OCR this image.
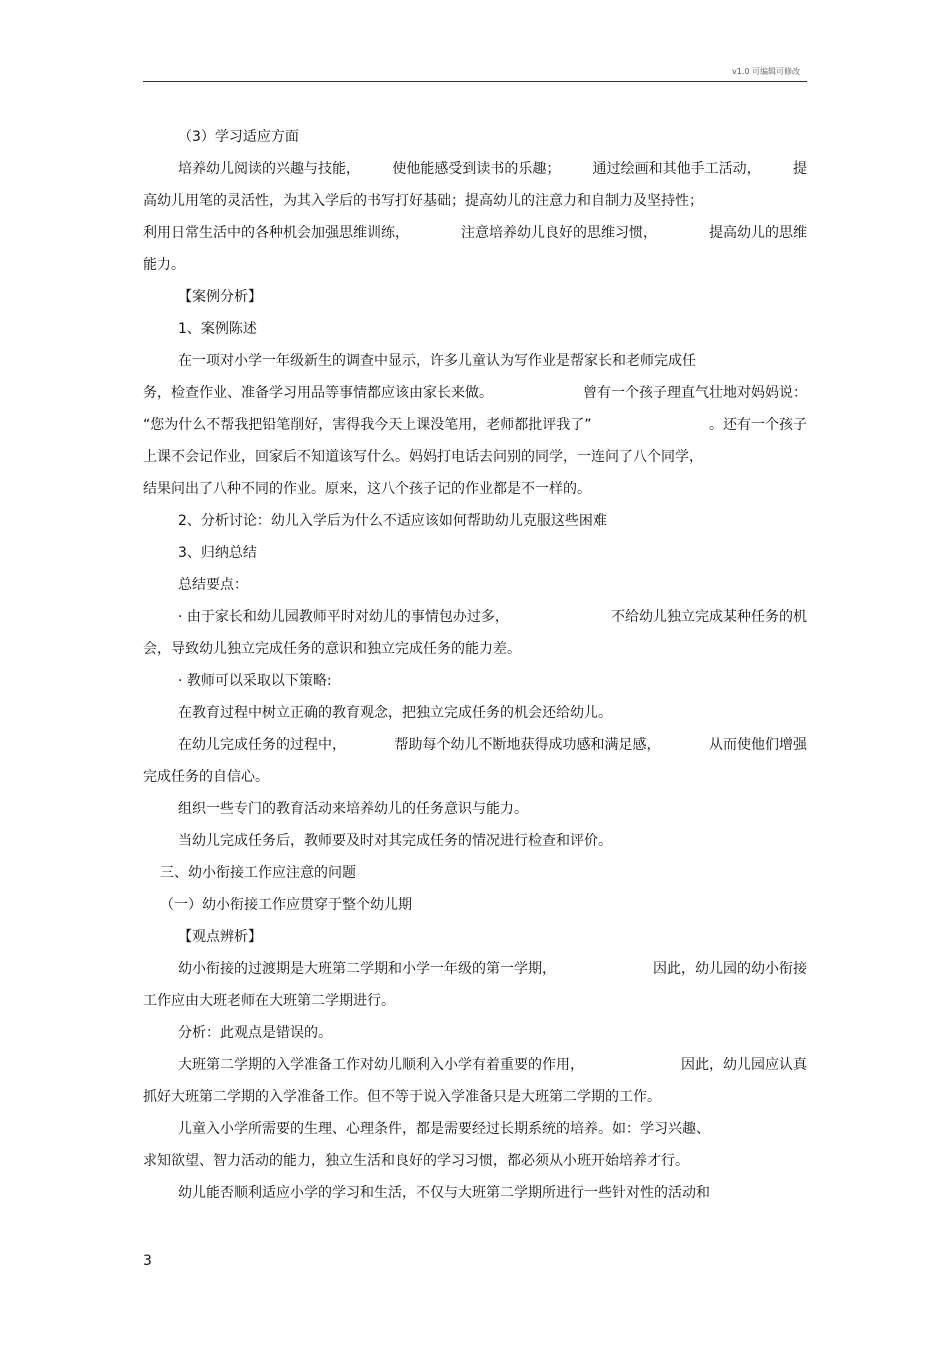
v1.0 可编辑可修改
（3）学习适应方面
培养幼儿阅读的兴趣与技能， 使他能感受到读书的乐趣； 通过绘画和其他手工活动， 提
高幼儿用笔的灵活性，为其入学后的书写打好基础；提高幼儿的注意力和自制力及坚持性；
利用日常生活中的各种机会加强思维训练，	注意培养幼儿良好的思维习惯，	提高幼儿的思维
能力。
【案例分析】
1、案例陈述
在一项对小学一年级新生的调查中显示，许多儿童认为写作业是帮家长和老师完成任
务，检查作业、准备学习用品等事情都应该由家长来做。	曾有一个孩子理直气壮地对妈妈说：
“您为什么不帮我把铅笔削好，害得我今天上课没笔用，老师都批评我了”	。还有一个孩子
上课不会记作业，回家后不知道该写什么。妈妈打电话去问别的同学，一连问了八个同学，
结果问出了八种不同的作业。原来，这八个孩子记的作业都是不一样的。
2、分析讨论：幼儿入学后为什么不适应该如何帮助幼儿克服这些困难
3、归纳总结
总结要点：
· 由于家长和幼儿园教师平时对幼儿的事情包办过多，	不给幼儿独立完成某种任务的机
会，导致幼儿独立完成任务的意识和独立完成任务的能力差。
· 教师可以采取以下策略:
在教育过程中树立正确的教育观念，把独立完成任务的机会还给幼儿。
在幼儿完成任务的过程中，	帮助每个幼儿不断地获得成功感和满足感，	从而使他们增强
完成任务的自信心。
组织一些专门的教育活动来培养幼儿的任务意识与能力。
当幼儿完成任务后，教师要及时对其完成任务的情况进行检查和评价。
三、幼小衔接工作应注意的问题
（一）幼小衔接工作应贯穿于整个幼儿期
【观点辨析】
幼小衔接的过渡期是大班第二学期和小学一年级的第一学期，	因此，幼儿园的幼小衔接
工作应由大班老师在大班第二学期进行。
分析：此观点是错误的。
大班第二学期的入学准备工作对幼儿顺利入小学有着重要的作用，	因此，幼儿园应认真
抓好大班第二学期的入学准备工作。但不等于说入学准备只是大班第二学期的工作。
儿童入小学所需要的生理、心理条件，都是需要经过长期系统的培养。如：学习兴趣、
求知欲望、智力活动的能力，独立生活和良好的学习习惯，都必须从小班开始培养才行。
幼儿能否顺利适应小学的学习和生活， 不仅与大班第二学期所进行一些针对性的活动和
3
